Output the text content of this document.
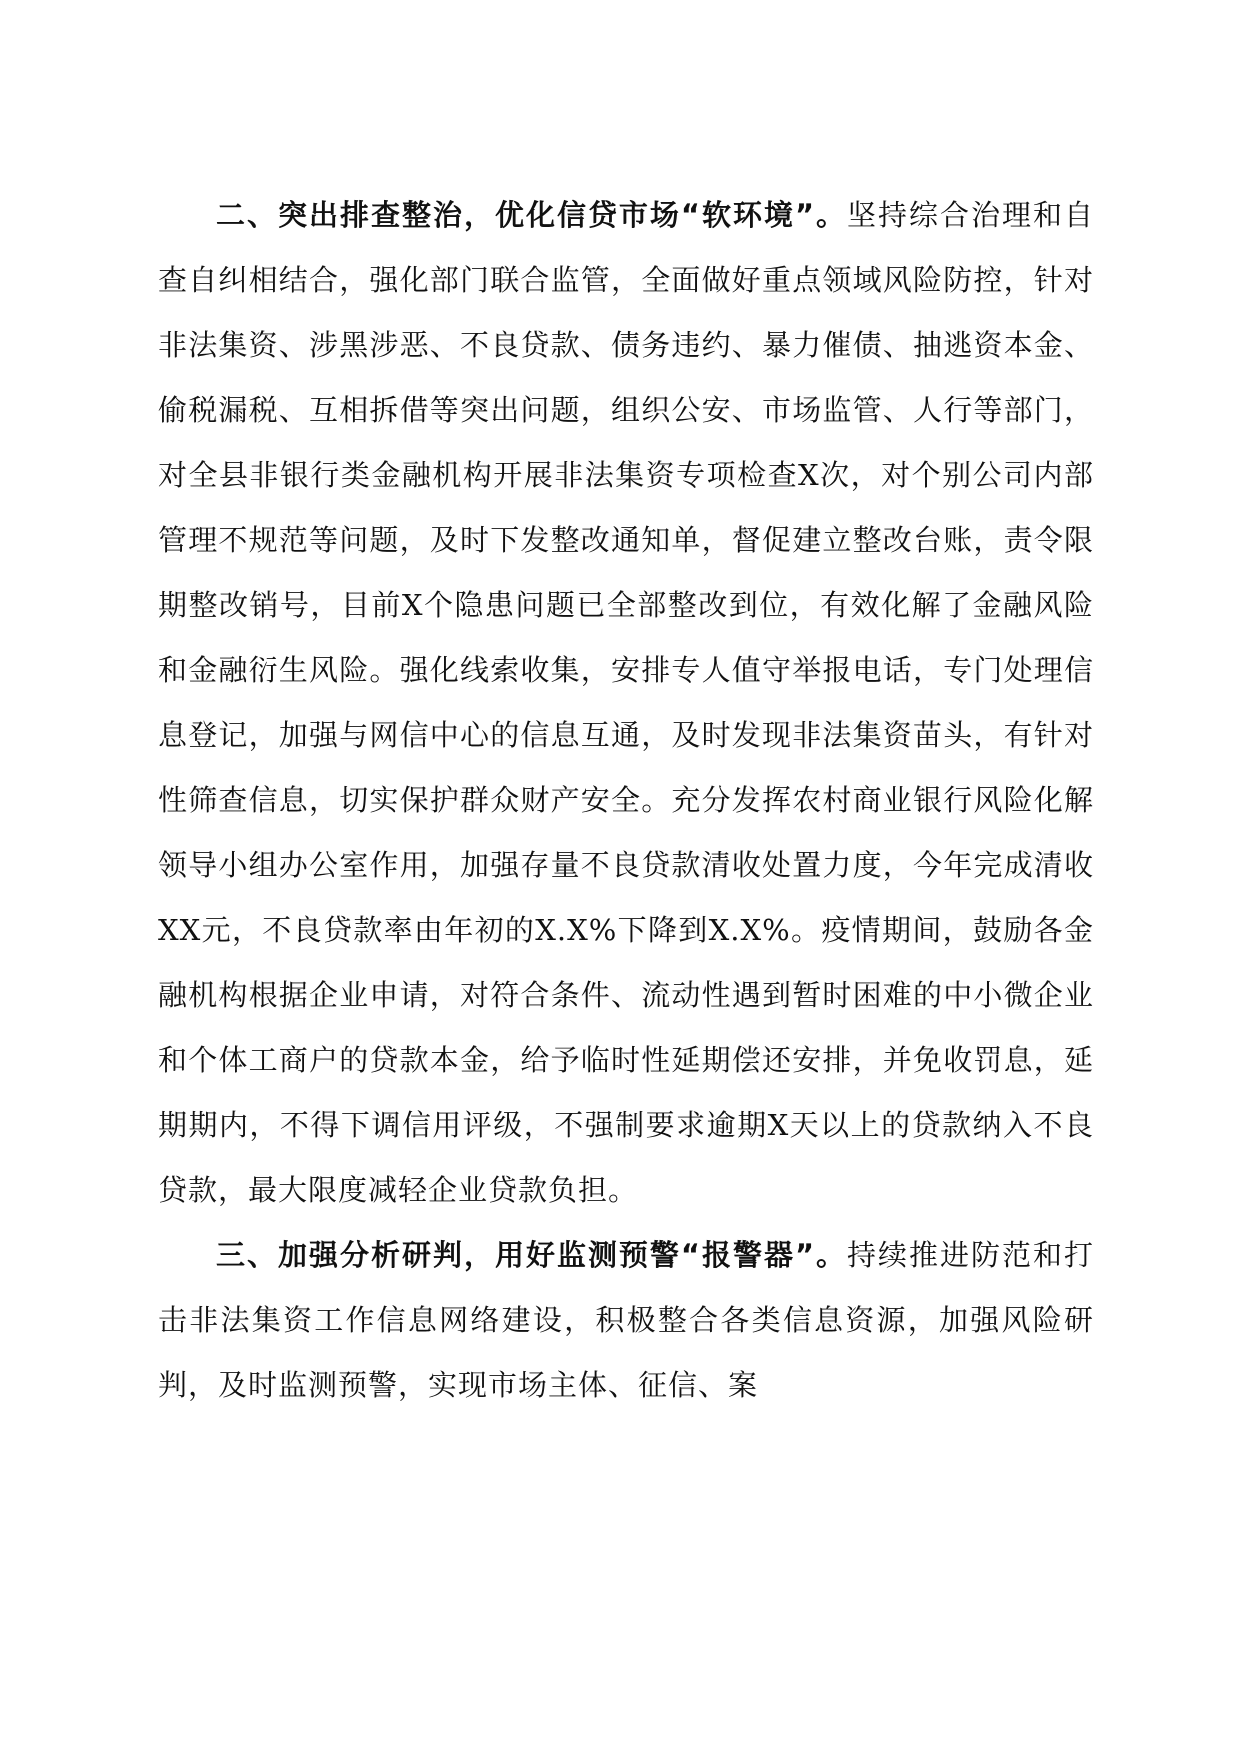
二、突出排查整治，优化信贷市场“软环境”。坚持综合治理和自查自纠相结合，强化部门联合监管，全面做好重点领域风险防控，针对非法集资、涉黑涉恶、不良贷款、债务违约、暴力催债、抽逃资本金、偷税漏税、互相拆借等突出问题，组织公安、市场监管、人行等部门，对全县非银行类金融机构开展非法集资专项检查X次，对个别公司内部管理不规范等问题，及时下发整改通知单，督促建立整改台账，责令限期整改销号，目前X个隐患问题已全部整改到位，有效化解了金融风险和金融衍生风险。强化线索收集，安排专人值守举报电话，专门处理信息登记，加强与网信中心的信息互通，及时发现非法集资苗头，有针对性筛查信息，切实保护群众财产安全。充分发挥农村商业银行风险化解领导小组办公室作用，加强存量不良贷款清收处置力度，今年完成清收XX元，不良贷款率由年初的X.X%下降到X.X%。疫情期间，鼓励各金融机构根据企业申请，对符合条件、流动性遇到暂时困难的中小微企业和个体工商户的贷款本金，给予临时性延期偿还安排，并免收罚息，延期期内，不得下调信用评级，不强制要求逾期X天以上的贷款纳入不良贷款，最大限度减轻企业贷款负担。

三、加强分析研判，用好监测预警“报警器”。持续推进防范和打击非法集资工作信息网络建设，积极整合各类信息资源，加强风险研判，及时监测预警，实现市场主体、征信、案
